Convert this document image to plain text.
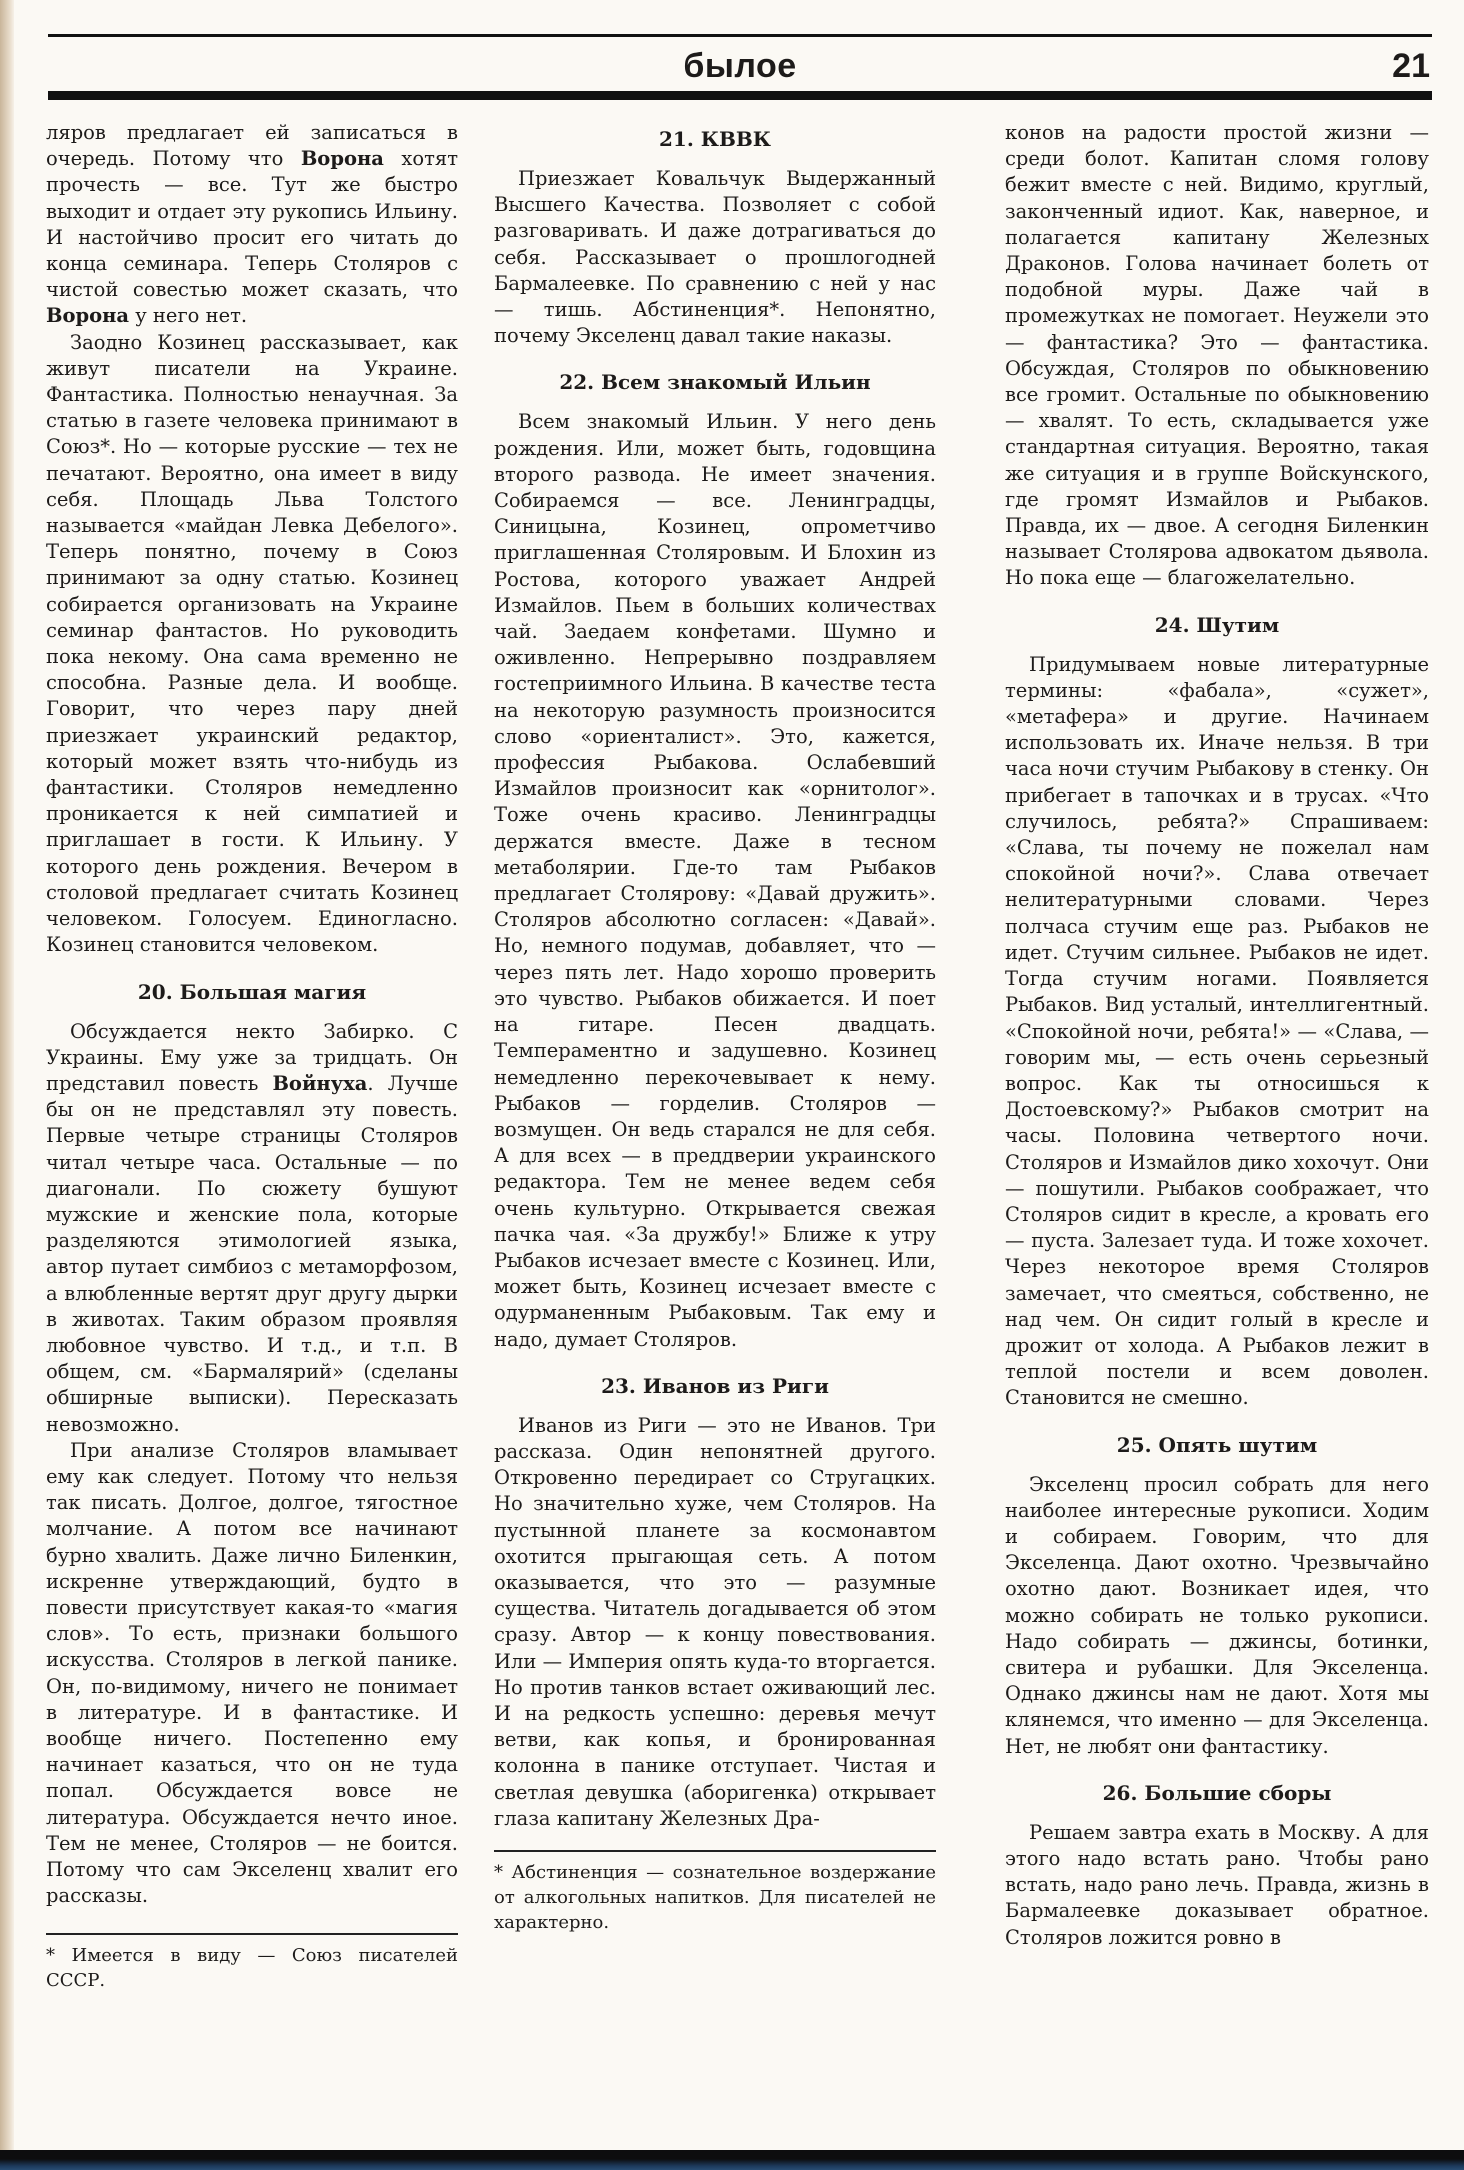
былое	21

ляров предлагает ей записаться в очередь. Потому что Ворона хотят прочесть — все. Тут же быстро выходит и отдает эту рукопись Ильину. И настойчиво просит его читать до конца семинара. Теперь Столяров с чистой совестью может сказать, что Ворона у него нет.

Заодно Козинец рассказывает, как живут писатели на Украине. Фантастика. Полностью ненаучная. За статью в газете человека принимают в Союз*. Но — которые русские — тех не печатают. Вероятно, она имеет в виду себя. Площадь Льва Толстого называется «майдан Левка Дебелого». Теперь понятно, почему в Союз принимают за одну статью. Козинец собирается организовать на Украине семинар фантастов. Но руководить пока некому. Она сама временно не способна. Разные дела. И вообще. Говорит, что через пару дней приезжает украинский редактор, который может взять что-нибудь из фантастики. Столяров немедленно проникается к ней симпатией и приглашает в гости. К Ильину. У которого день рождения. Вечером в столовой предлагает считать Козинец человеком. Голосуем. Единогласно. Козинец становится человеком.

20. Большая магия

Обсуждается некто Забирко. С Украины. Ему уже за тридцать. Он представил повесть Войнуха. Лучше бы он не представлял эту повесть. Первые четыре страницы Столяров читал четыре часа. Остальные — по диагонали. По сюжету бушуют мужские и женские пола, которые разделяются этимологией языка, автор путает симбиоз с метаморфозом, а влюбленные вертят друг другу дырки в животах. Таким образом проявляя любовное чувство. И т.д., и т.п. В общем, см. «Бармалярий» (сделаны обширные выписки). Пересказать невозможно.

При анализе Столяров вламывает ему как следует. Потому что нельзя так писать. Долгое, долгое, тягостное молчание. А потом все начинают бурно хвалить. Даже лично Биленкин, искренне утверждающий, будто в повести присутствует какая-то «магия слов». То есть, признаки большого искусства. Столяров в легкой панике. Он, по-видимому, ничего не понимает в литературе. И в фантастике. И вообще ничего. Постепенно ему начинает казаться, что он не туда попал. Обсуждается вовсе не литература. Обсуждается нечто иное. Тем не менее, Столяров — не боится. Потому что сам Экселенц хвалит его рассказы.

* Имеется в виду — Союз писателей СССР.

21. КВВК

Приезжает Ковальчук Выдержанный Высшего Качества. Позволяет с собой разговаривать. И даже дотрагиваться до себя. Рассказывает о прошлогодней Бармалеевке. По сравнению с ней у нас — тишь. Абстиненция*. Непонятно, почему Экселенц давал такие наказы.

22. Всем знакомый Ильин

Всем знакомый Ильин. У него день рождения. Или, может быть, годовщина второго развода. Не имеет значения. Собираемся — все. Ленинградцы, Синицына, Козинец, опрометчиво приглашенная Столяровым. И Блохин из Ростова, которого уважает Андрей Измайлов. Пьем в больших количествах чай. Заедаем конфетами. Шумно и оживленно. Непрерывно поздравляем гостеприимного Ильина. В качестве теста на некоторую разумность произносится слово «ориенталист». Это, кажется, профессия Рыбакова. Ослабевший Измайлов произносит как «орнитолог». Тоже очень красиво. Ленинградцы держатся вместе. Даже в тесном метаболярии. Где-то там Рыбаков предлагает Столярову: «Давай дружить». Столяров абсолютно согласен: «Давай». Но, немного подумав, добавляет, что — через пять лет. Надо хорошо проверить это чувство. Рыбаков обижается. И поет на гитаре. Песен двадцать. Темпераментно и задушевно. Козинец немедленно перекочевывает к нему. Рыбаков — горделив. Столяров — возмущен. Он ведь старался не для себя. А для всех — в преддверии украинского редактора. Тем не менее ведем себя очень культурно. Открывается свежая пачка чая. «За дружбу!» Ближе к утру Рыбаков исчезает вместе с Козинец. Или, может быть, Козинец исчезает вместе с одурманенным Рыбаковым. Так ему и надо, думает Столяров.

23. Иванов из Риги

Иванов из Риги — это не Иванов. Три рассказа. Один непонятней другого. Откровенно передирает со Стругацких. Но значительно хуже, чем Столяров. На пустынной планете за космонавтом охотится прыгающая сеть. А потом оказывается, что это — разумные существа. Читатель догадывается об этом сразу. Автор — к концу повествования. Или — Империя опять куда-то вторгается. Но против танков встает оживающий лес. И на редкость успешно: деревья мечут ветви, как копья, и бронированная колонна в панике отступает. Чистая и светлая девушка (аборигенка) открывает глаза капитану Железных Дра-

* Абстиненция — сознательное воздержание от алкогольных напитков. Для писателей не характерно.

конов на радости простой жизни — среди болот. Капитан сломя голову бежит вместе с ней. Видимо, круглый, законченный идиот. Как, наверное, и полагается капитану Железных Драконов. Голова начинает болеть от подобной муры. Даже чай в промежутках не помогает. Неужели это — фантастика? Это — фантастика. Обсуждая, Столяров по обыкновению все громит. Остальные по обыкновению — хвалят. То есть, складывается уже стандартная ситуация. Вероятно, такая же ситуация и в группе Войскунского, где громят Измайлов и Рыбаков. Правда, их — двое. А сегодня Биленкин называет Столярова адвокатом дьявола. Но пока еще — благожелательно.

24. Шутим

Придумываем новые литературные термины: «фабала», «сужет», «метафера» и другие. Начинаем использовать их. Иначе нельзя. В три часа ночи стучим Рыбакову в стенку. Он прибегает в тапочках и в трусах. «Что случилось, ребята?» Спрашиваем: «Слава, ты почему не пожелал нам спокойной ночи?». Слава отвечает нелитературными словами. Через полчаса стучим еще раз. Рыбаков не идет. Стучим сильнее. Рыбаков не идет. Тогда стучим ногами. Появляется Рыбаков. Вид усталый, интеллигентный. «Спокойной ночи, ребята!» — «Слава, — говорим мы, — есть очень серьезный вопрос. Как ты относишься к Достоевскому?» Рыбаков смотрит на часы. Половина четвертого ночи. Столяров и Измайлов дико хохочут. Они — пошутили. Рыбаков соображает, что Столяров сидит в кресле, а кровать его — пуста. Залезает туда. И тоже хохочет. Через некоторое время Столяров замечает, что смеяться, собственно, не над чем. Он сидит голый в кресле и дрожит от холода. А Рыбаков лежит в теплой постели и всем доволен. Становится не смешно.

25. Опять шутим

Экселенц просил собрать для него наиболее интересные рукописи. Ходим и собираем. Говорим, что для Экселенца. Дают охотно. Чрезвычайно охотно дают. Возникает идея, что можно собирать не только рукописи. Надо собирать — джинсы, ботинки, свитера и рубашки. Для Экселенца. Однако джинсы нам не дают. Хотя мы клянемся, что именно — для Экселенца. Нет, не любят они фантастику.

26. Большие сборы

Решаем завтра ехать в Москву. А для этого надо встать рано. Чтобы рано встать, надо рано лечь. Правда, жизнь в Бармалеевке доказывает обратное. Столяров ложится ровно в
